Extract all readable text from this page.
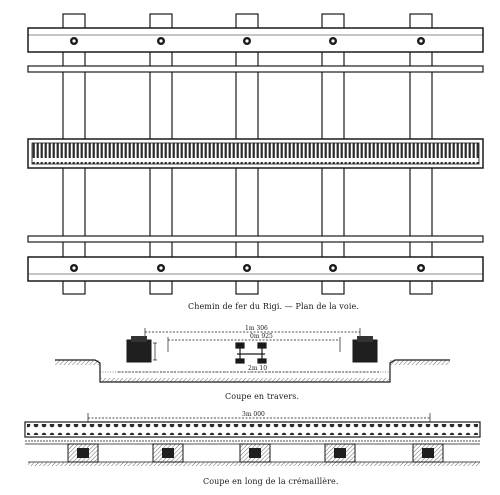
1m 306
0m 925
2m 10
3m 000
Chemin de fer du Rigi. — Plan de la voie.
Coupe en travers.
Coupe en long de la crémaillère.
